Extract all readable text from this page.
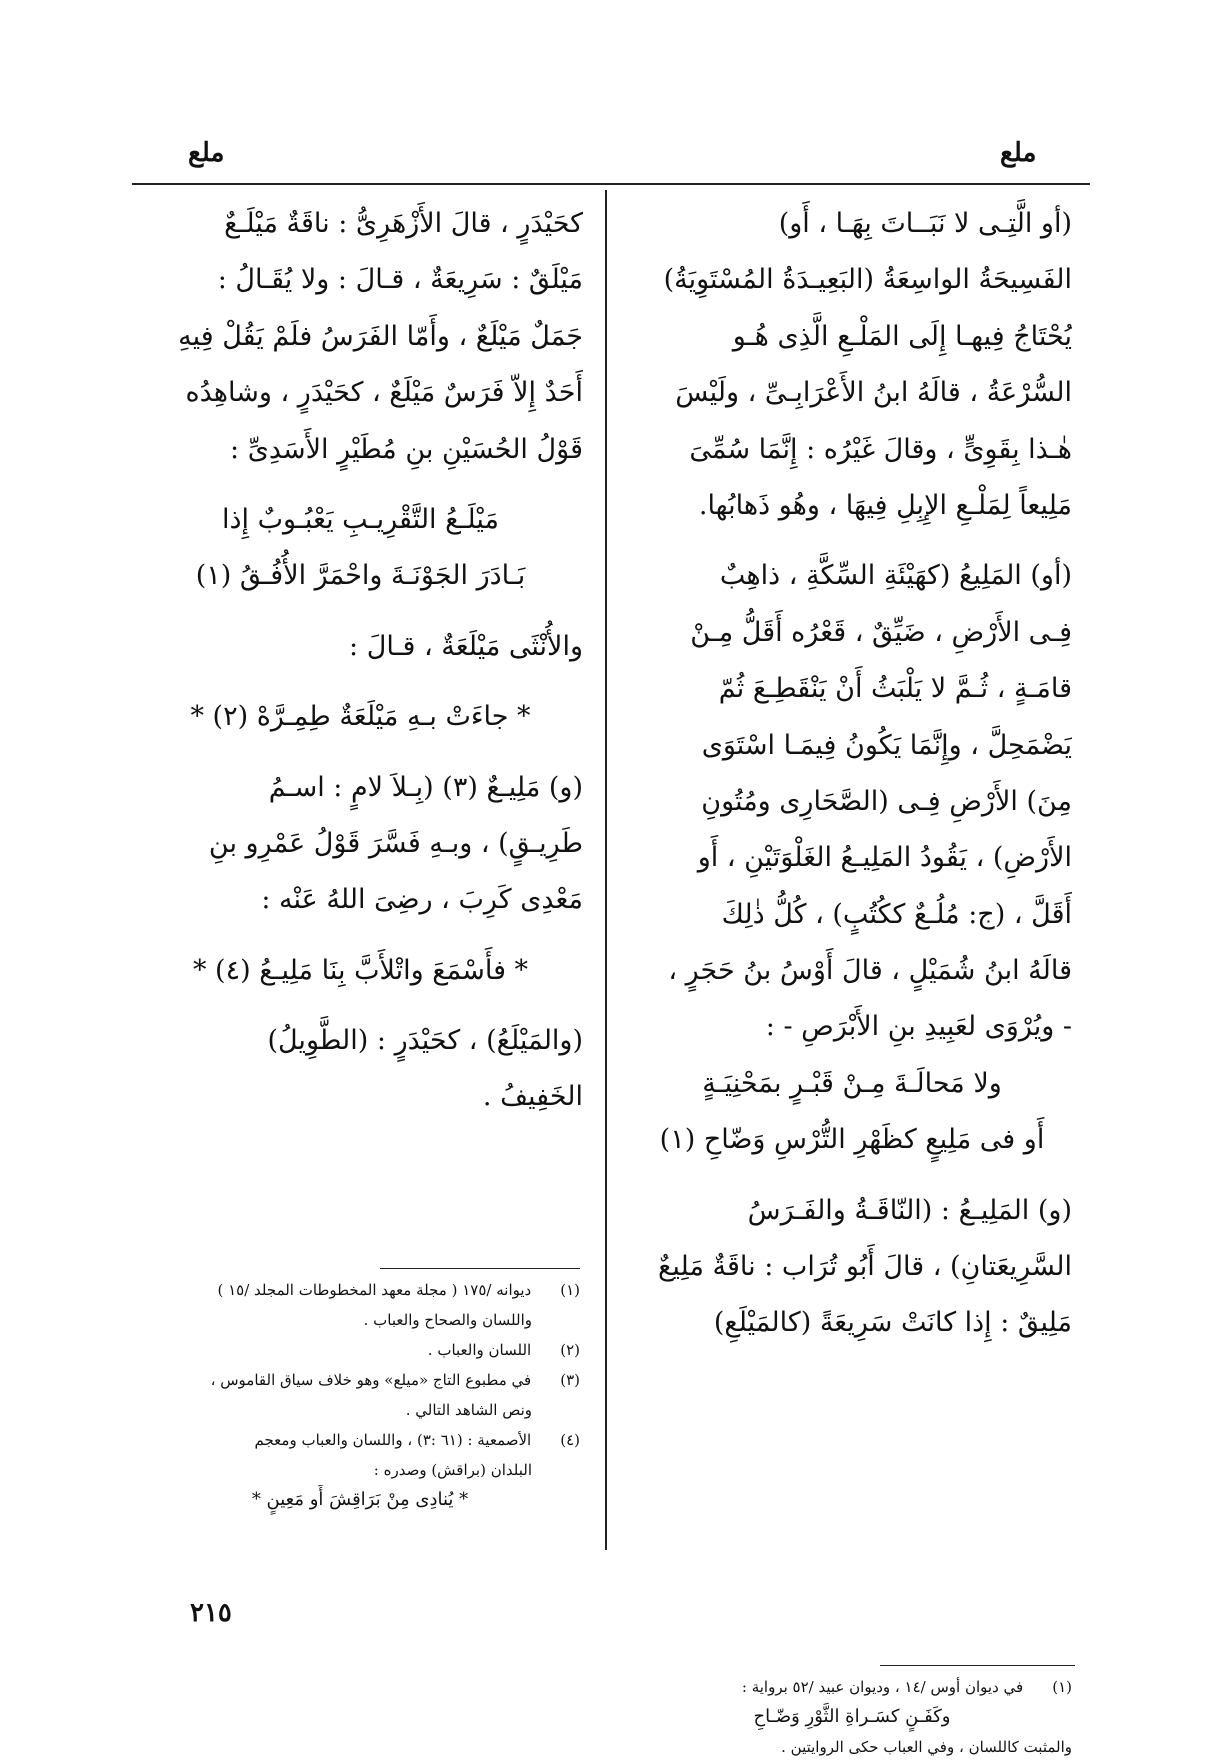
ملع	ملع
(أو الَّتِـى لا نَبَــاتَ بِهَـا ، أَو)
الفَسِيحَةُ الواسِعَةُ (البَعِيـدَةُ المُسْتَوِيَةُ)
يُحْتَاجُ فِيهـا إِلَى المَلْـعِ الَّذِى هُـو
السُّرْعَةُ ، قالَهُ ابنُ الأَعْرَابِـىِّ ، ولَيْسَ
هٰـذا بِقَوِىٍّ ، وقالَ غَيْرُه : إِنَّمَا سُمِّىَ
مَلِيعاً لِمَلْـعِ الإِبِلِ فِيهَا ، وهُو ذَهابُها.
(أو) المَلِيعُ (كهَيْئَةِ السِّكَّةِ ، ذاهِبٌ
فِـى الأَرْضِ ، ضَيِّقٌ ، قَعْرُه أَقَلُّ مِـنْ
قامَـةٍ ، ثُـمَّ لا يَلْبَثُ أَنْ يَنْقَطِـعَ ثُمّ
يَضْمَحِلَّ ، وإِنَّمَا يَكُونُ فِيمَـا اسْتَوَى
مِنَ) الأَرْضِ فِـى (الصَّحَارِى ومُتُونِ
الأَرْضِ) ، يَقُودُ المَلِيـعُ الغَلْوَتَيْنِ ، أَو
أَقَلَّ ، (ج: مُلُـعٌ ككُتُبٍ) ، كُلُّ ذٰلِكَ
قالَهُ ابنُ شُمَيْلٍ ، قالَ أَوْسُ بنُ حَجَرٍ ،
- ويُرْوَى لعَبِيدِ بنِ الأَبْرَصِ - :
ولا مَحالَـةَ مِـنْ قَبْـرٍ بمَحْنِيَـةٍ
أَو فى مَلِيعٍ كظَهْرِ التُّرْسِ وَضّاحِ (١)
(و) المَلِيـعُ : (النّاقَـةُ والفَـرَسُ
السَّرِيعَتانِ) ، قالَ أَبُو تُرَاب : ناقَةٌ مَلِيعٌ
مَلِيقٌ : إِذا كانَتْ سَرِيعَةً (كالمَيْلَعِ)
كحَيْدَرٍ ، قالَ الأَزْهَرِىُّ : ناقَةٌ مَيْلَـعٌ
مَيْلَقٌ : سَرِيعَةٌ ، قـالَ : ولا يُقَـالُ :
جَمَلٌ مَيْلَعٌ ، وأَمّا الفَرَسُ فلَمْ يَقُلْ فِيهِ
أَحَدٌ إِلاّ فَرَسٌ مَيْلَعٌ ، كحَيْدَرٍ ، وشاهِدُه
قَوْلُ الحُسَيْنِ بنِ مُطَيْرٍ الأَسَدِىِّ :
مَيْلَـعُ التَّقْرِيـبِ يَعْبُـوبٌ إِذا
بَـادَرَ الجَوْنَـةَ واحْمَرَّ الأُفُـقُ (١)
والأُنْثَى مَيْلَعَةٌ ، قـالَ :
* جاءَتْ بـهِ مَيْلَعَةٌ طِمِـرَّهْ (٢) *
(و) مَلِيـعٌ (٣) (بِـلاَ لامٍ : اسـمُ
طَرِيـقٍ) ، وبـهِ فَسَّرَ قَوْلُ عَمْرِو بنِ
مَعْدِى كَرِبَ ، رضِىَ اللهُ عَنْه :
* فأَسْمَعَ واتْلأَبَّ بِنَا مَلِيـعُ (٤) *
(والمَيْلَعُ) ، كحَيْدَرٍ : (الطَّوِيلُ)
الخَفِيفُ .
(١) ديوانه /١٧٥ ( مجلة معهد المخطوطات المجلد /١٥ )
واللسان والصحاح والعباب .
(٢) اللسان والعباب .
(٣) في مطبوع التاج «ميلع» وهو خلاف سياق القاموس ،
ونص الشاهد التالي .
(٤) الأصمعية : (٦١ :٣) ، واللسان والعباب ومعجم
البلدان (براقش) وصدره :
* يُنادِى مِنْ بَرَاقِشَ أَو مَعِينٍ *
(١) في ديوان أوس /١٤ ، وديوان عبيد /٥٢ برواية :
وكَفَـنٍ كسَـراةِ الثَّوْرِ وَضّـاحِ
والمثبت كاللسان ، وفي العباب حكى الروايتين .
٢١٥
